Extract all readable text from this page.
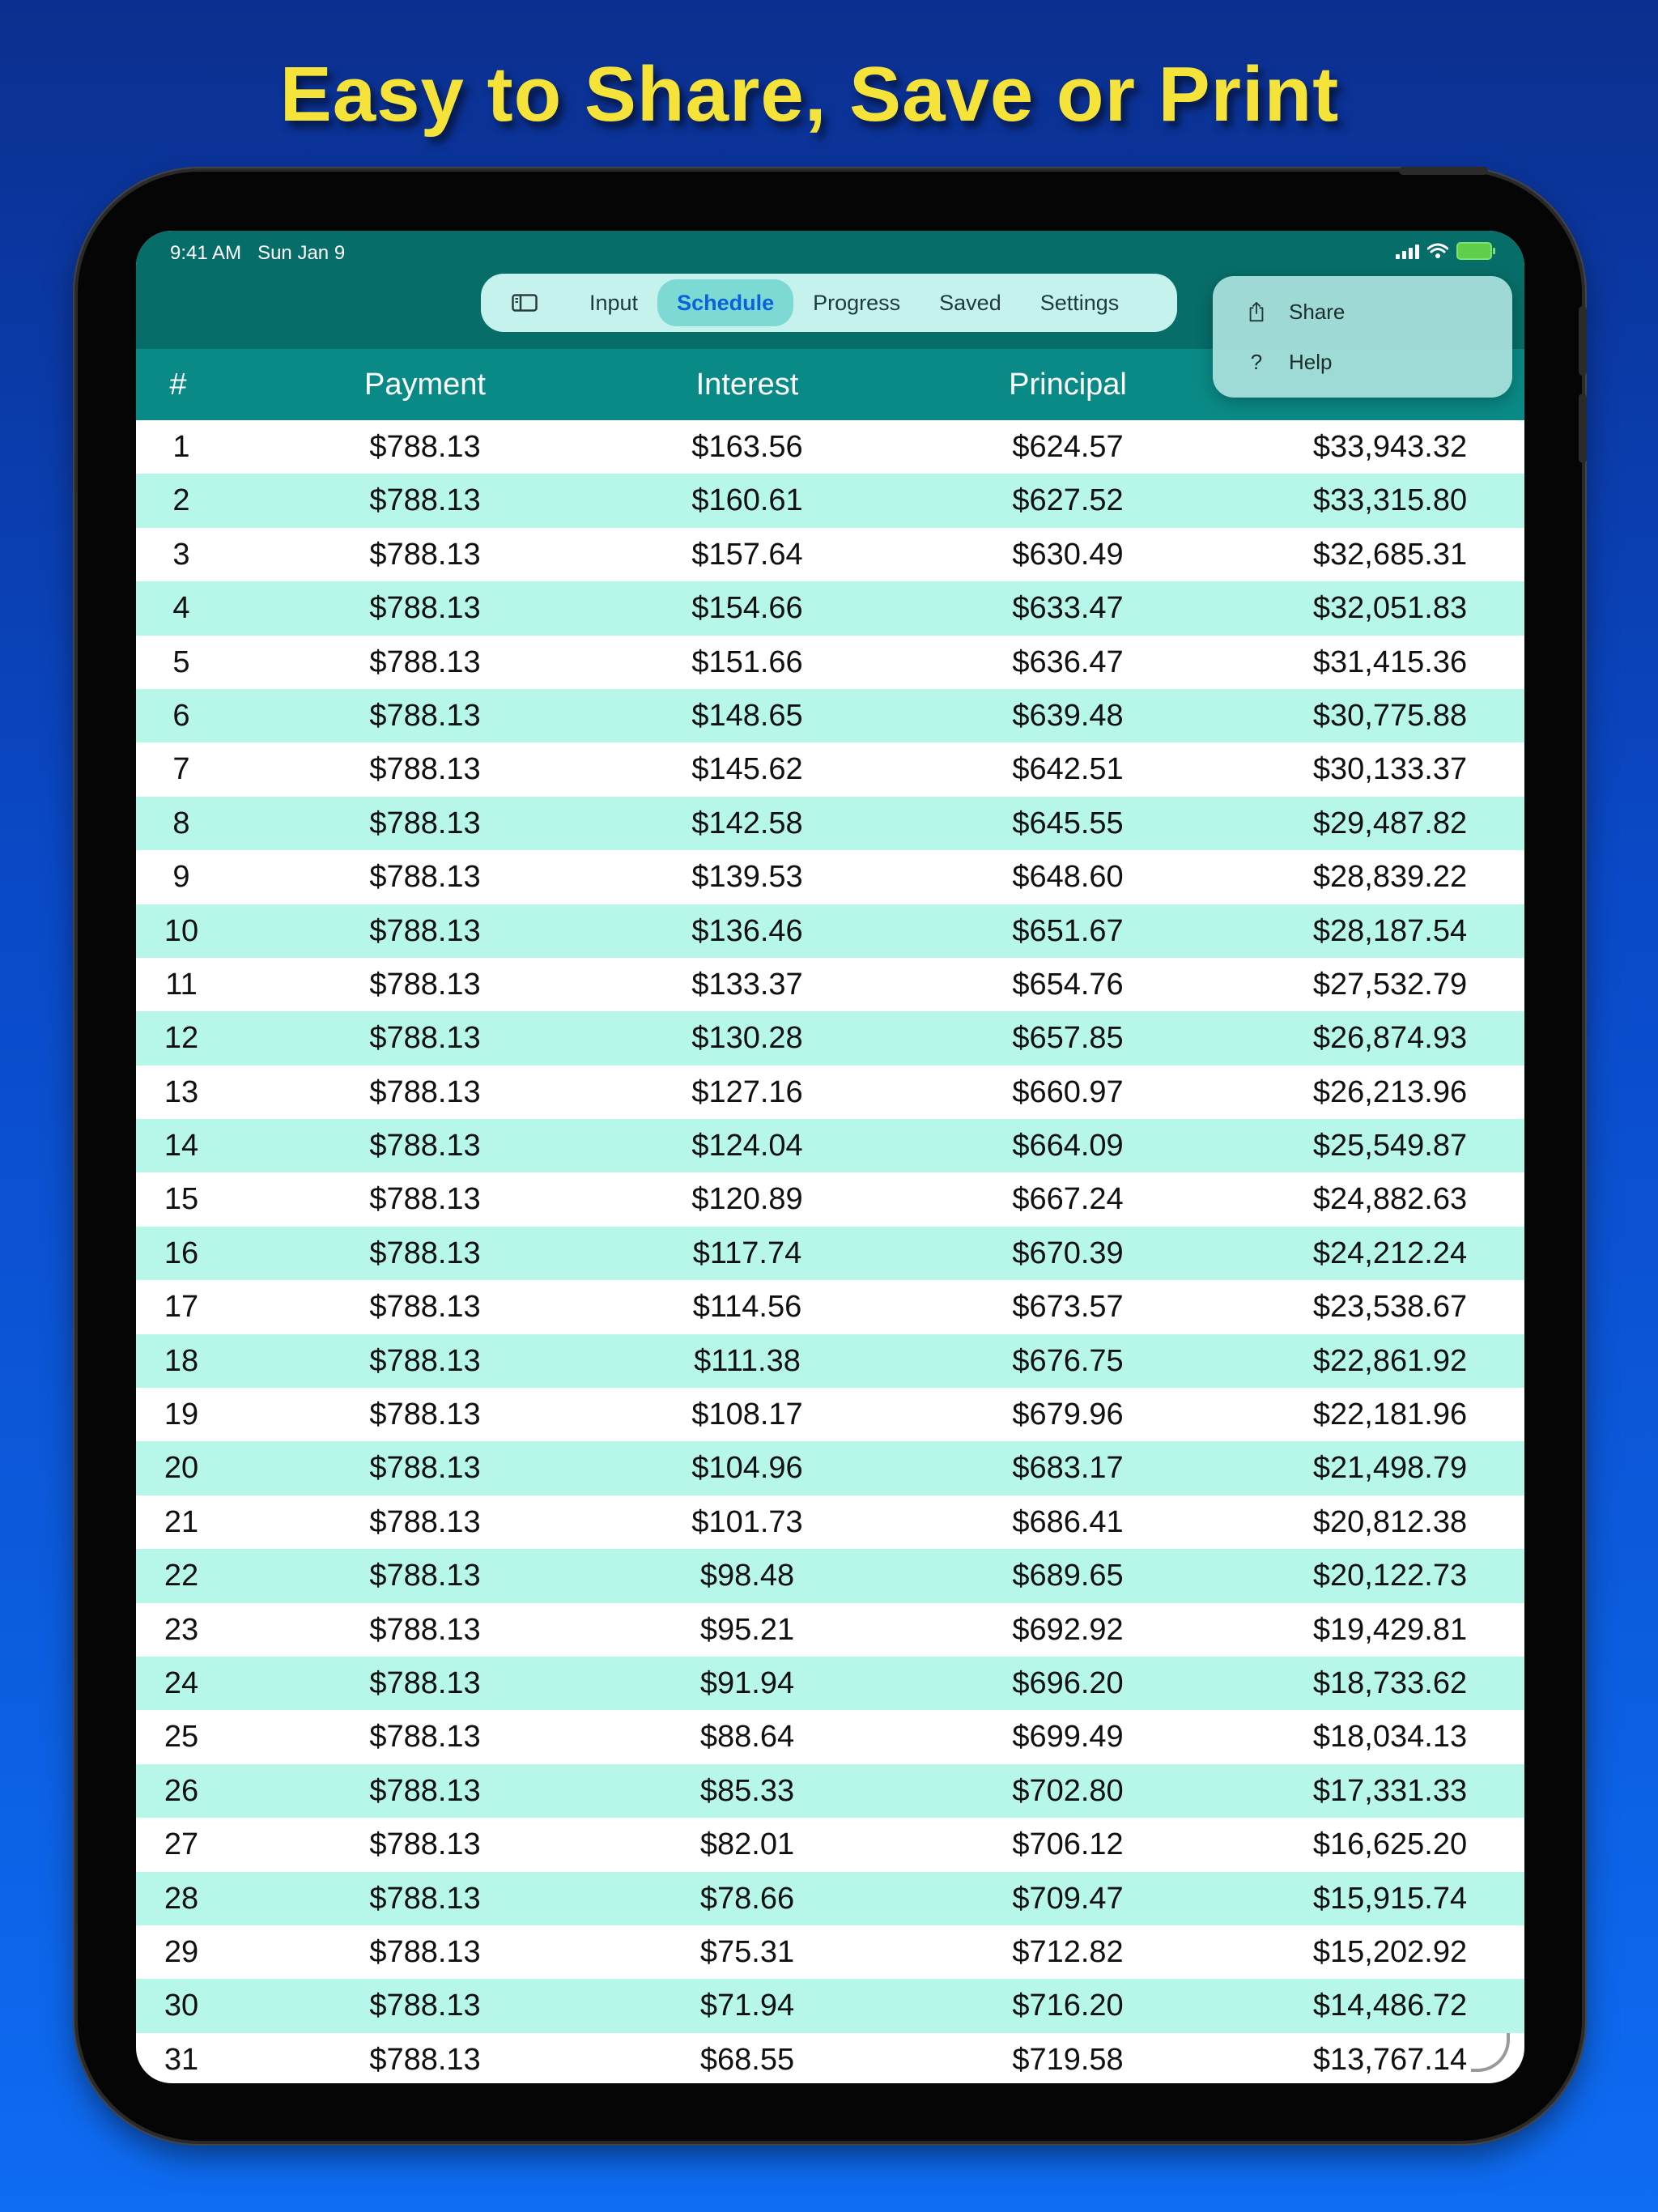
Easy to Share, Save or Print
9:41 AM Sun Jan 9
Input	Schedule	Progress	Saved	Settings
#	Payment	Interest	Principal
1	$788.13	$163.56	$624.57	$33,943.32
2	$788.13	$160.61	$627.52	$33,315.80
3	$788.13	$157.64	$630.49	$32,685.31
4	$788.13	$154.66	$633.47	$32,051.83
5	$788.13	$151.66	$636.47	$31,415.36
6	$788.13	$148.65	$639.48	$30,775.88
7	$788.13	$145.62	$642.51	$30,133.37
8	$788.13	$142.58	$645.55	$29,487.82
9	$788.13	$139.53	$648.60	$28,839.22
10	$788.13	$136.46	$651.67	$28,187.54
11	$788.13	$133.37	$654.76	$27,532.79
12	$788.13	$130.28	$657.85	$26,874.93
13	$788.13	$127.16	$660.97	$26,213.96
14	$788.13	$124.04	$664.09	$25,549.87
15	$788.13	$120.89	$667.24	$24,882.63
16	$788.13	$117.74	$670.39	$24,212.24
17	$788.13	$114.56	$673.57	$23,538.67
18	$788.13	$111.38	$676.75	$22,861.92
19	$788.13	$108.17	$679.96	$22,181.96
20	$788.13	$104.96	$683.17	$21,498.79
21	$788.13	$101.73	$686.41	$20,812.38
22	$788.13	$98.48	$689.65	$20,122.73
23	$788.13	$95.21	$692.92	$19,429.81
24	$788.13	$91.94	$696.20	$18,733.62
25	$788.13	$88.64	$699.49	$18,034.13
26	$788.13	$85.33	$702.80	$17,331.33
27	$788.13	$82.01	$706.12	$16,625.20
28	$788.13	$78.66	$709.47	$15,915.74
29	$788.13	$75.31	$712.82	$15,202.92
30	$788.13	$71.94	$716.20	$14,486.72
31	$788.13	$68.55	$719.58	$13,767.14
Share
? Help
